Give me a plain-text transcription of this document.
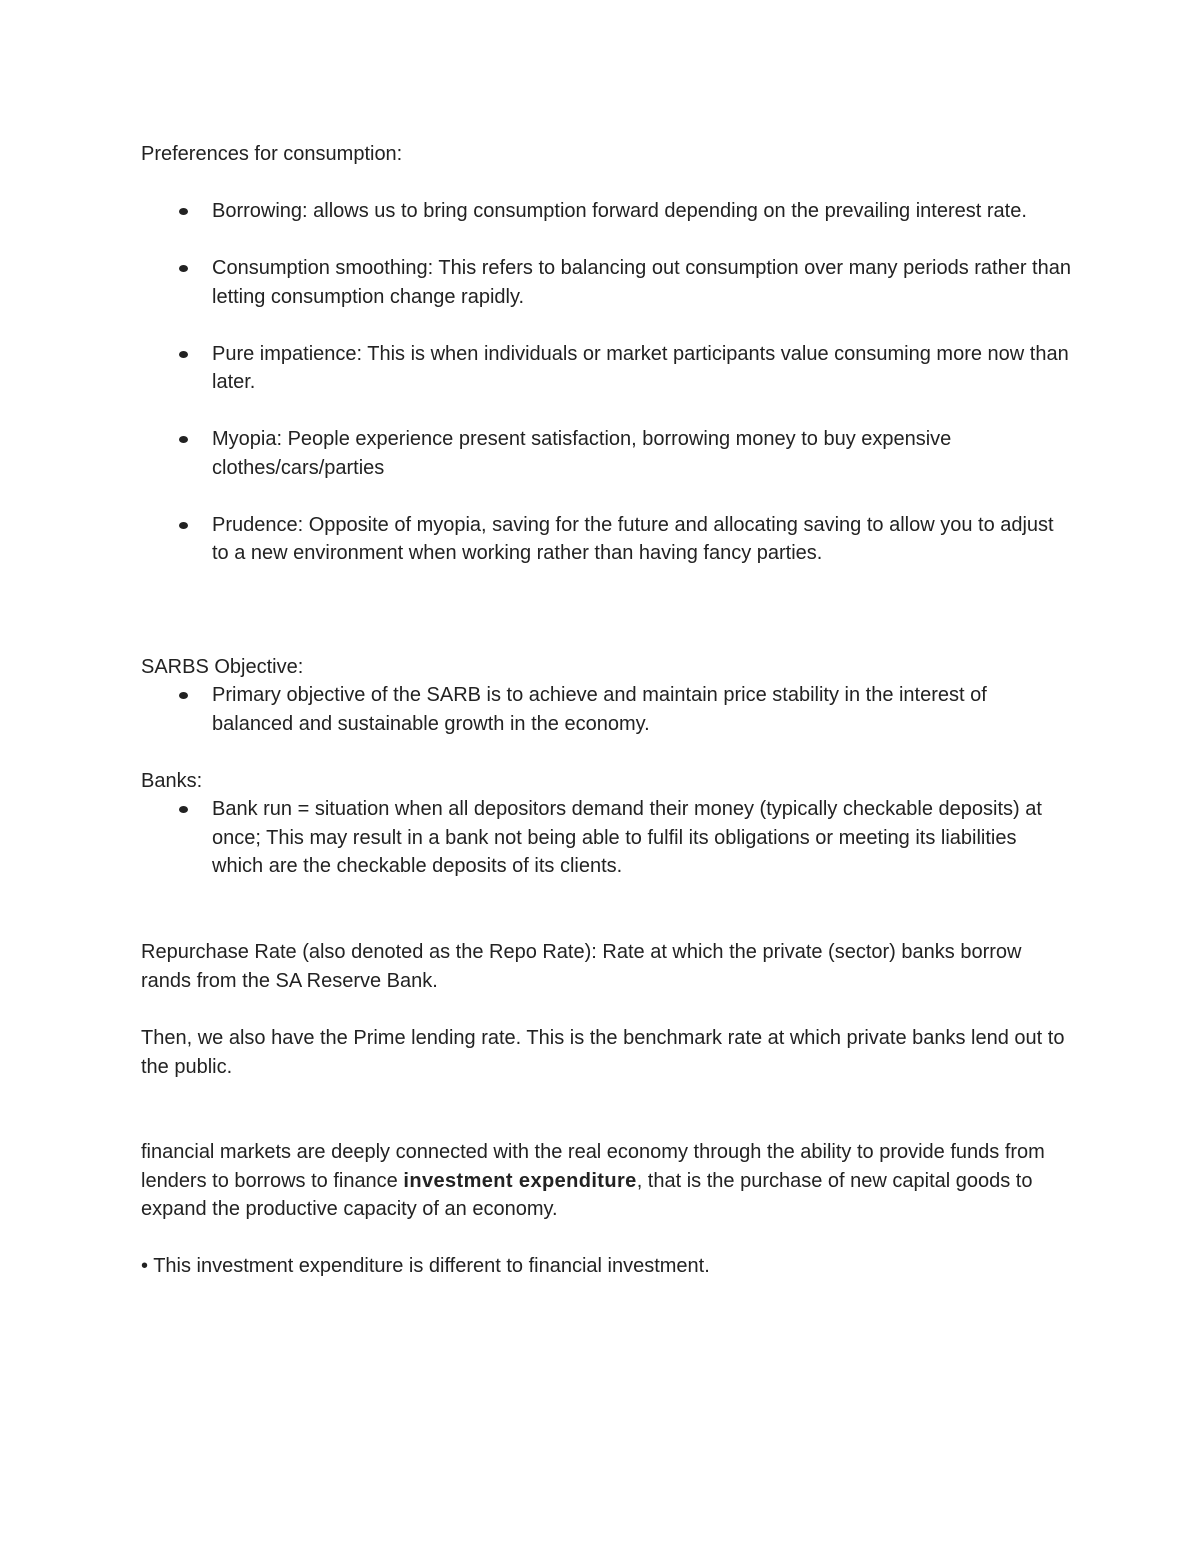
Preferences for consumption:

Borrowing: allows us to bring consumption forward depending on the prevailing interest rate.
Consumption smoothing: This refers to balancing out consumption over many periods rather than letting consumption change rapidly.
Pure impatience: This is when individuals or market participants value consuming more now than later.
Myopia: People experience present satisfaction, borrowing money to buy expensive clothes/cars/parties
Prudence: Opposite of myopia, saving for the future and allocating saving to allow you to adjust to a new environment when working rather than having fancy parties.

SARBS Objective:

Primary objective of the SARB is to achieve and maintain price stability in the interest of balanced and sustainable growth in the economy.

Banks:

Bank run = situation when all depositors demand their money (typically checkable deposits) at once; This may result in a bank not being able to fulfil its obligations or meeting its liabilities which are the checkable deposits of its clients.

Repurchase Rate (also denoted as the Repo Rate): Rate at which the private (sector) banks borrow rands from the SA Reserve Bank.

Then, we also have the Prime lending rate. This is the benchmark rate at which private banks lend out to the public.

financial markets are deeply connected with the real economy through the ability to provide funds from lenders to borrows to finance investment expenditure, that is the purchase of new capital goods to expand the productive capacity of an economy.

• This investment expenditure is different to financial investment.
